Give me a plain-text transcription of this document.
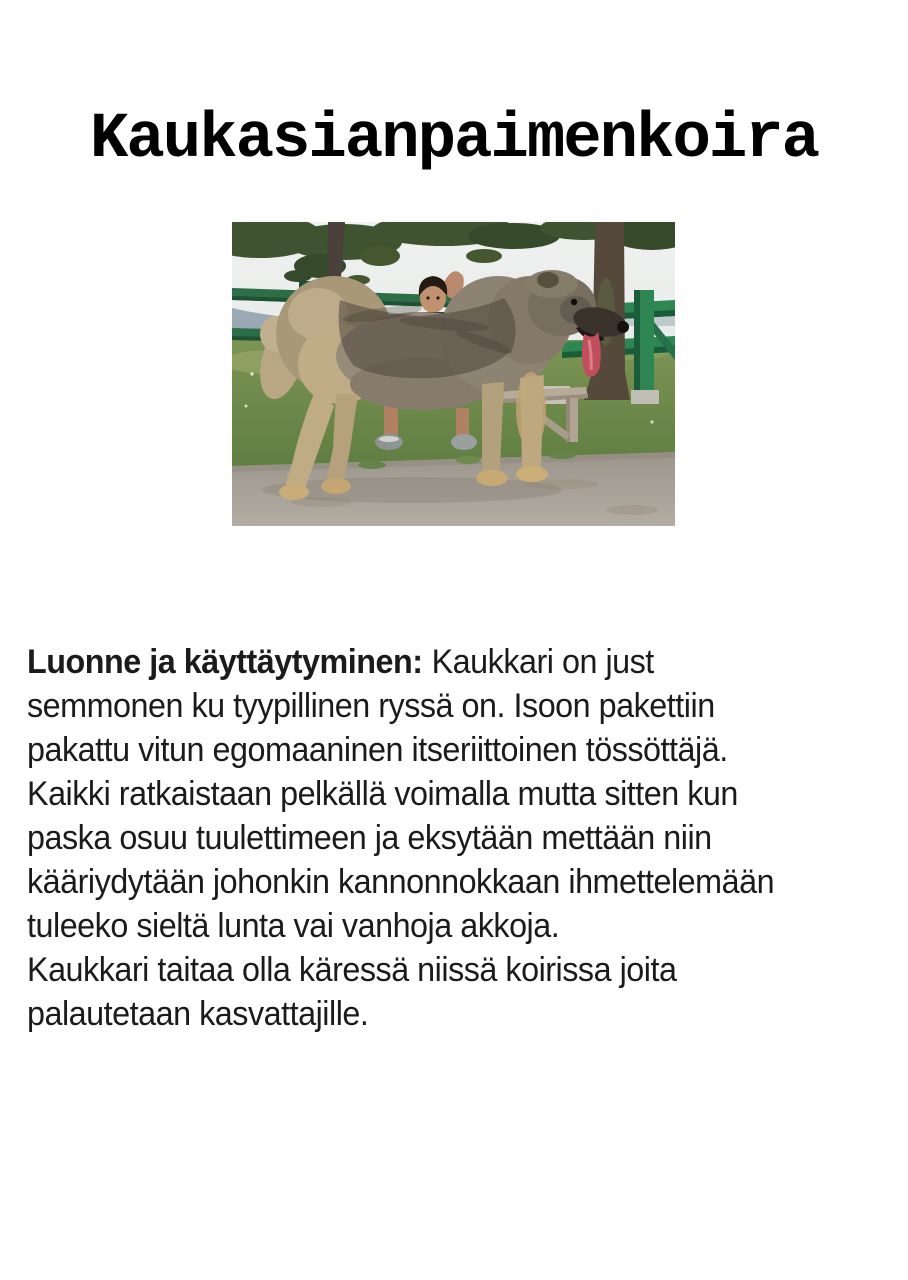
Kaukasianpaimenkoira
Luonne ja käyttäytyminen: Kaukkari on just
semmonen ku tyypillinen ryssä on. Isoon pakettiin
pakattu vitun egomaaninen itseriittoinen tössöttäjä.
Kaikki ratkaistaan pelkällä voimalla mutta sitten kun
paska osuu tuulettimeen ja eksytään mettään niin
kääriydytään johonkin kannonnokkaan ihmettelemään
tuleeko sieltä lunta vai vanhoja akkoja.
Kaukkari taitaa olla käressä niissä koirissa joita
palautetaan kasvattajille.
